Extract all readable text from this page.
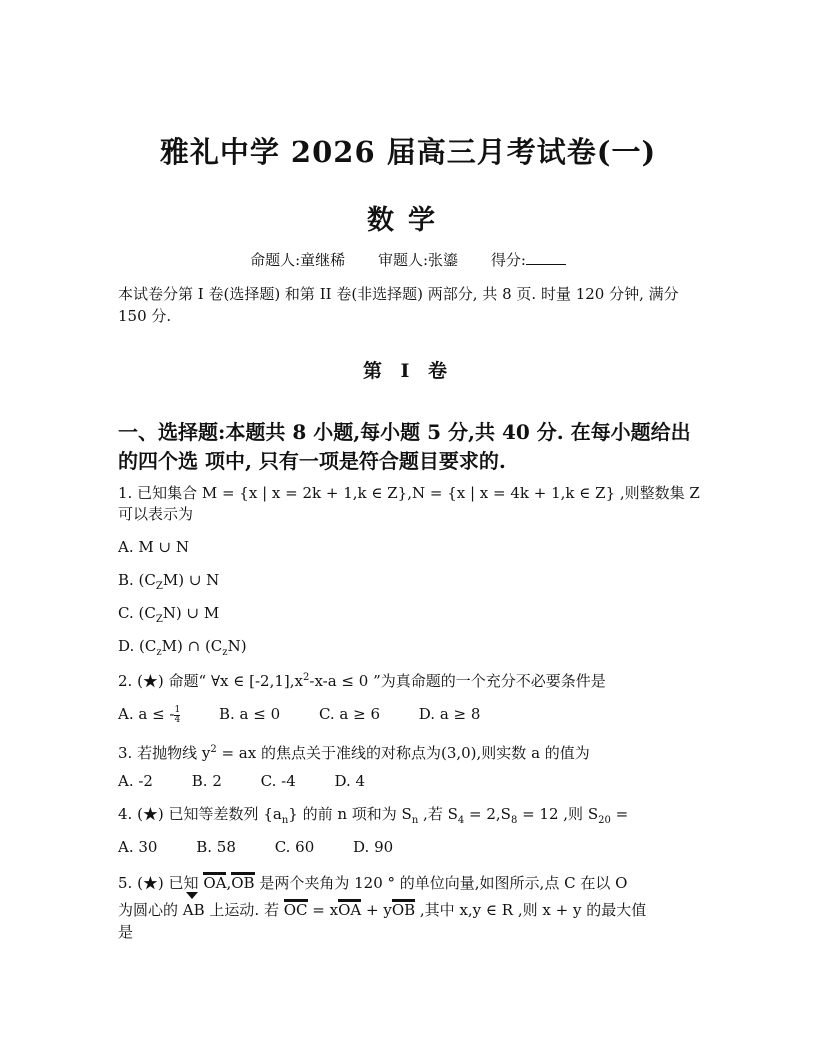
雅礼中学 2026 届高三月考试卷(一)
数学
命题人:童继稀 审题人:张鎏 得分:
本试卷分第 I 卷(选择题) 和第 II 卷(非选择题) 两部分, 共 8 页. 时量 120 分钟, 满分 150 分.
第 I 卷
一、选择题:本题共 8 小题,每小题 5 分,共 40 分. 在每小题给出的四个选 项中, 只有一项是符合题目要求的.
1. 已知集合 M = {x | x = 2k + 1,k ∈ Z},N = {x | x = 4k + 1,k ∈ Z} ,则整数集 Z 可以表示为
A. M ∪ N
B. $(C_ZM)$ ∪ N
C. $(C_ZN)$ ∪ M
D. $(C_zM)$ ∩ $(C_zN)$
2. (★) 命题“ ∀x ∈ $[-2,1],x^2-x-a \le 0$ ”为真命题的一个充分不必要条件是
A. a ≤ - $\frac{1}{4}$	B. a ≤ 0	C. a ≥ 6	D. a ≥ 8
3. 若抛物线 $y^2$ = ax 的焦点关于准线的对称点为(3,0),则实数 a 的值为
A. -2	B. 2	C. -4	D. 4
4. (★) 已知等差数列 $\{a_n\}$ 的前 n 项和为 $S_n$ ,若 $S_4 = 2,S_8 = 12$ ,则 $S_{20}$ =
A. 30	B. 58	C. 60	D. 90
5. (★) 已知 OA,OB 是两个夹角为 120 ° 的单位向量,如图所示,点 C 在以 O
为圆心的 AB 上运动. 若 OC = xOA + yOB ,其中 x,y ∈ R ,则 x + y 的最大值
是
